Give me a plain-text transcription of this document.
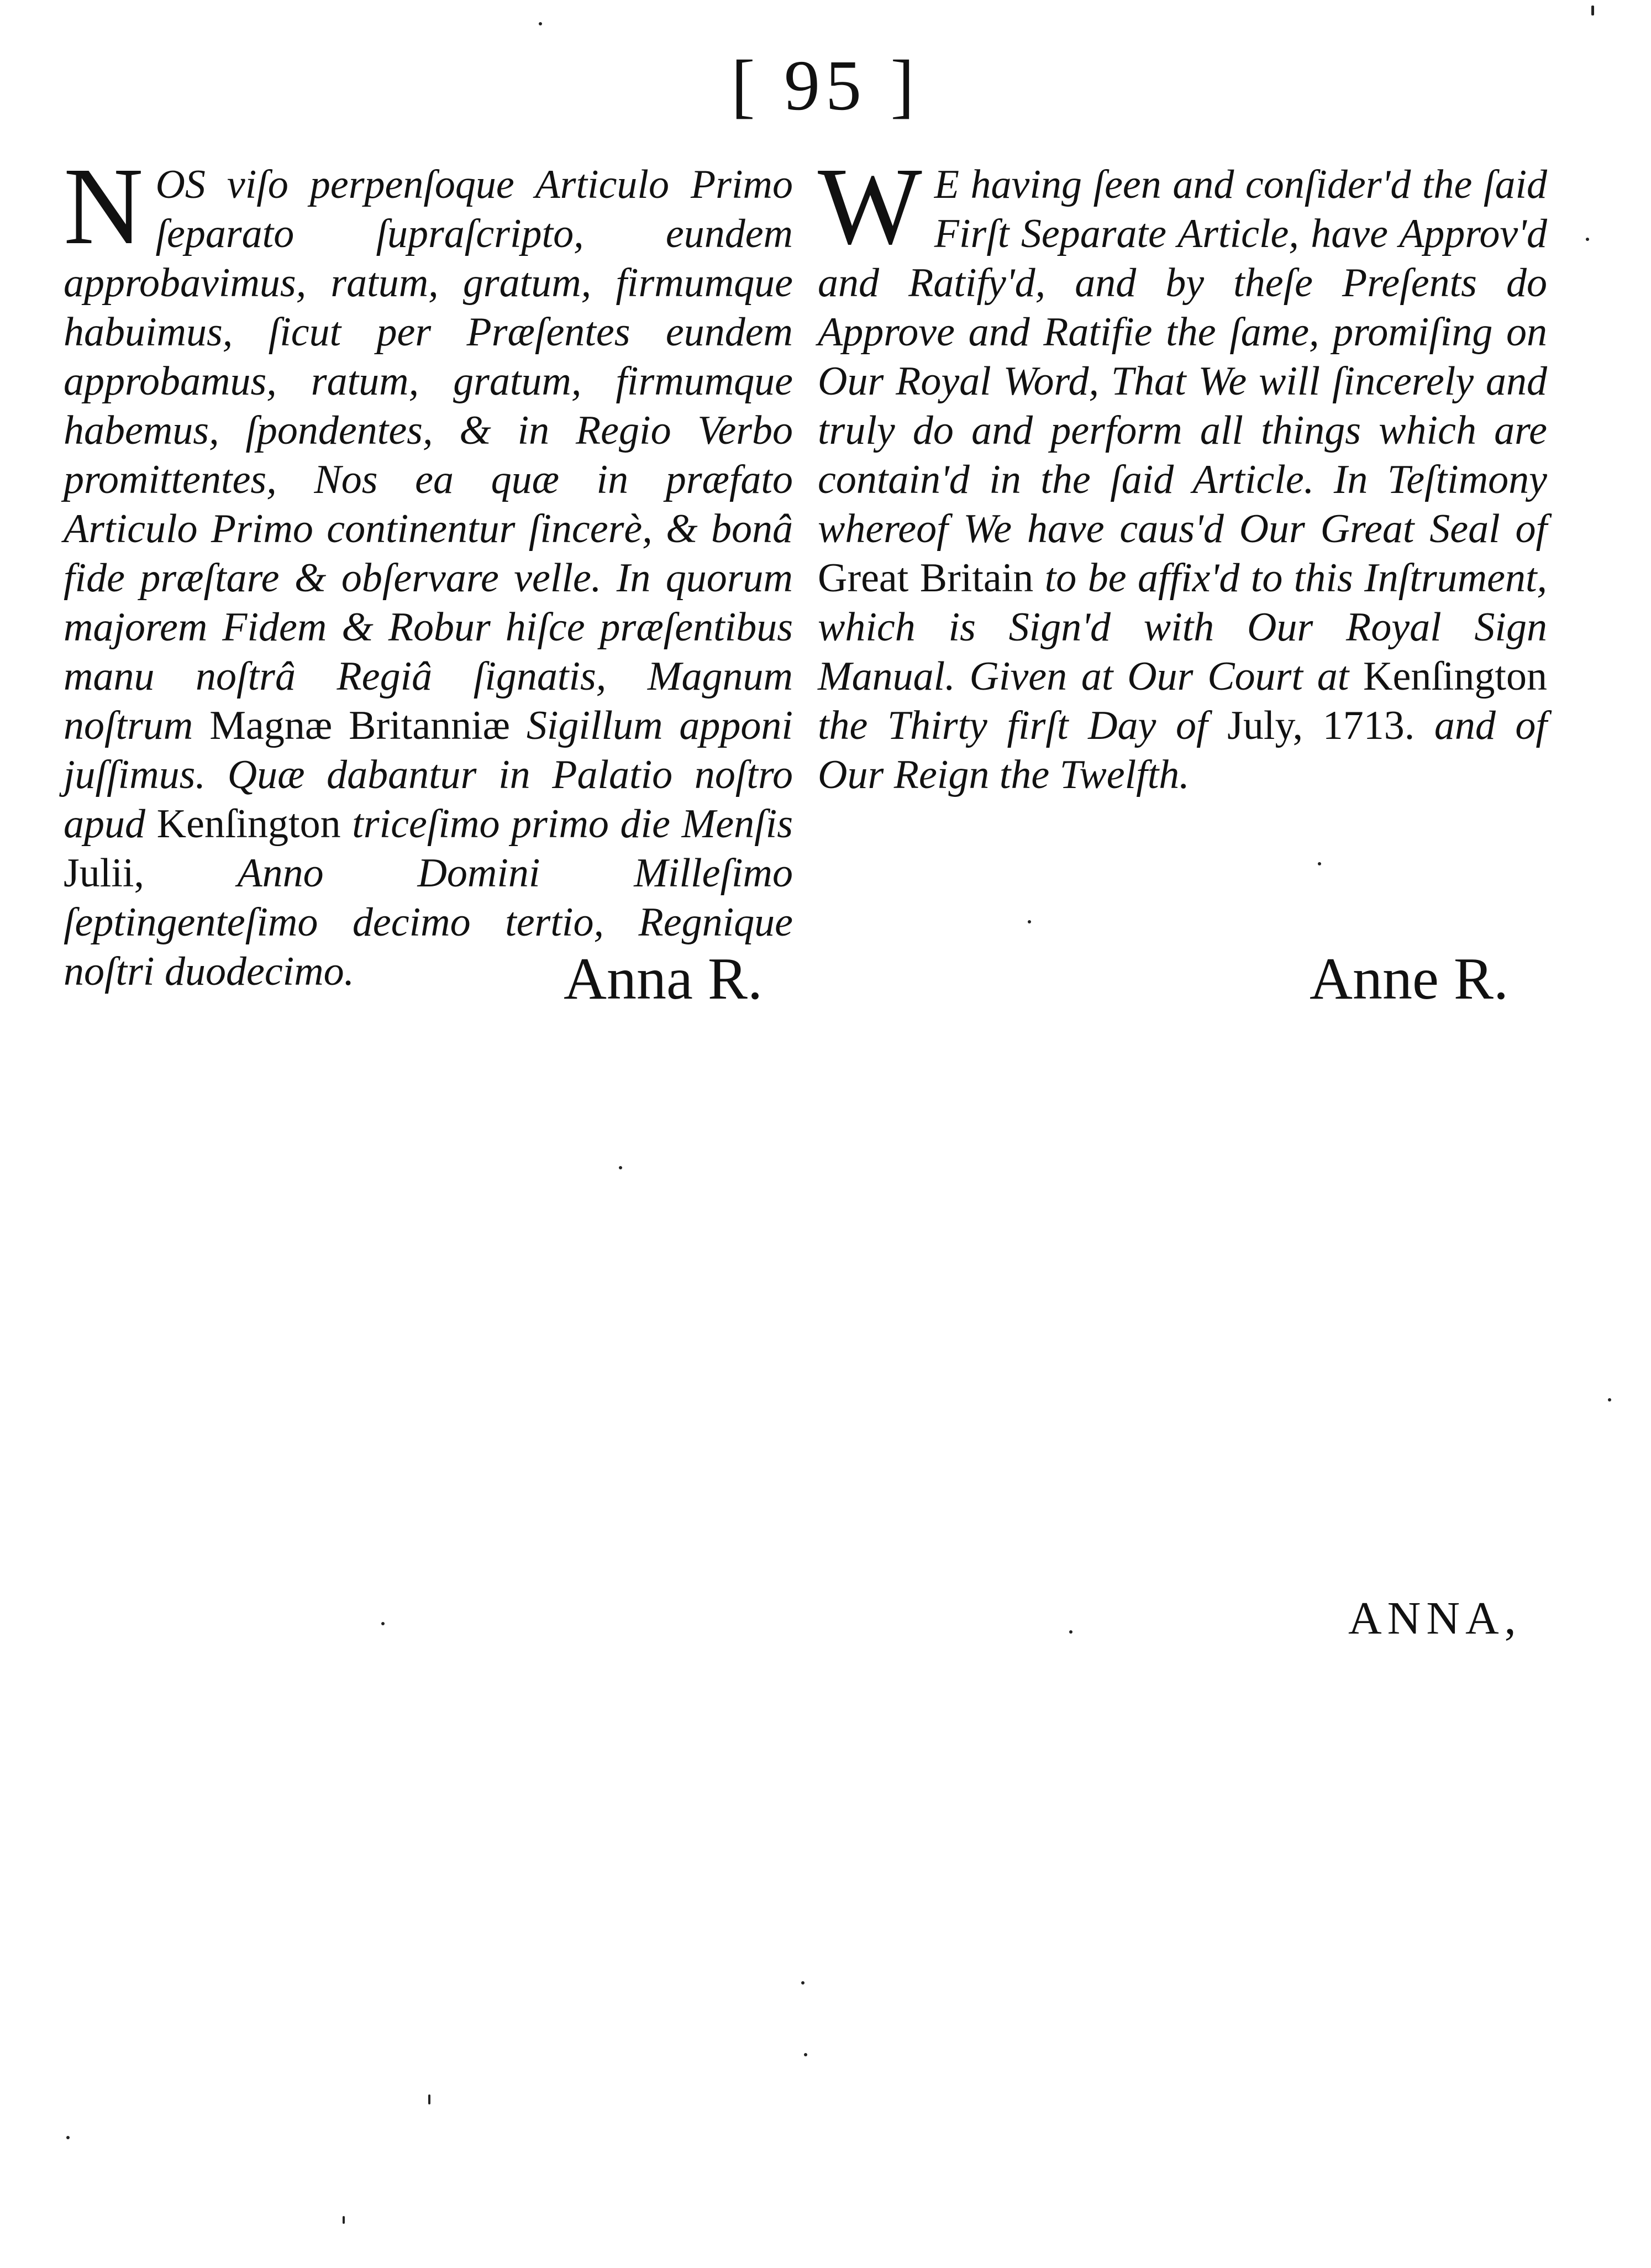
[ 95 ]
N OS viſo perpenſoque Articulo Primo ſeparato ſupraſcripto, eundem approbavimus, ratum, gratum, firmumque habuimus, ſicut per Præſentes eundem approbamus, ratum, gratum, firmumque habemus, ſpondentes, & in Regio Verbo promittentes, Nos ea quæ in præfato Articulo Primo continentur ſincerè, & bonâ fide præſtare & obſervare velle. In quorum majorem Fidem & Robur hiſce præſentibus manu noſtrâ Regiâ ſignatis, Magnum noſtrum Magnæ Britanniæ Sigillum apponi juſſimus. Quæ dabantur in Palatio noſtro apud Kenſington triceſimo primo die Menſis Julii, Anno Domini Milleſimo ſeptingenteſimo decimo tertio, Regnique noſtri duodecimo.
W E having ſeen and conſider'd the ſaid Firſt Separate Article, have Approv'd and Ratify'd, and by theſe Preſents do Approve and Ratifie the ſame, promiſing on Our Royal Word, That We will ſincerely and truly do and perform all things which are contain'd in the ſaid Article. In Teſtimony whereof We have caus'd Our Great Seal of Great Britain to be affix'd to this Inſtrument, which is Sign'd with Our Royal Sign Manual. Given at Our Court at Kenſington the Thirty firſt Day of July, 1713. and of Our Reign the Twelfth.
Anna R.	Anne R.
ANNA,
